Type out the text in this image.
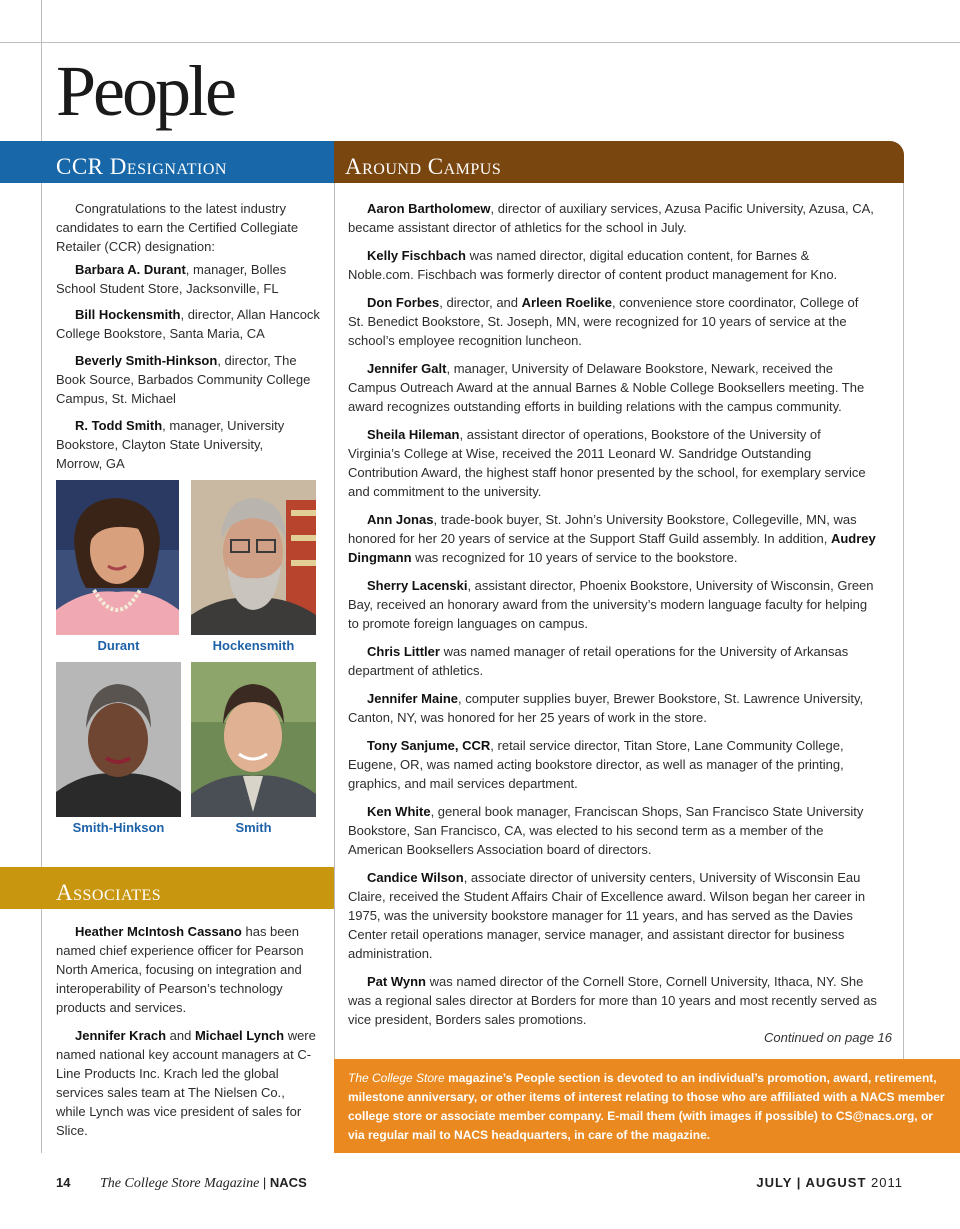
People
CCR Designation	Around Campus
Associates

Congratulations to the latest industry candidates to earn the Certified Collegiate Retailer (CCR) designation:

Barbara A. Durant, manager, Bolles School Student Store, Jacksonville, FL

Bill Hockensmith, director, Allan Hancock College Bookstore, Santa Maria, CA

Beverly Smith-Hinkson, director, The Book Source, Barbados Community College Campus, St. Michael

R. Todd Smith, manager, University Bookstore, Clayton State University, Morrow, GA

Durant	Hockensmith
Smith-Hinkson	Smith

Heather McIntosh Cassano has been named chief experience officer for Pearson North America, focusing on integration and interoperability of Pearson’s technology products and services.

Jennifer Krach and Michael Lynch were named national key account managers at C-Line Products Inc. Krach led the global services sales team at The Nielsen Co., while Lynch was vice president of sales for Slice.

Aaron Bartholomew, director of auxiliary services, Azusa Pacific University, Azusa, CA, became assistant director of athletics for the school in July.

Kelly Fischbach was named director, digital education content, for Barnes & Noble.com. Fischbach was formerly director of content product management for Kno.

Don Forbes, director, and Arleen Roelike, convenience store coordinator, College of St. Benedict Bookstore, St. Joseph, MN, were recognized for 10 years of service at the school’s employee recognition luncheon.

Jennifer Galt, manager, University of Delaware Bookstore, Newark, received the Campus Outreach Award at the annual Barnes & Noble College Booksellers meeting. The award recognizes outstanding efforts in building relations with the campus community.

Sheila Hileman, assistant director of operations, Bookstore of the University of Virginia’s College at Wise, received the 2011 Leonard W. Sandridge Outstanding Contribution Award, the highest staff honor presented by the school, for exemplary service and commitment to the university.

Ann Jonas, trade-book buyer, St. John’s University Bookstore, Collegeville, MN, was honored for her 20 years of service at the Support Staff Guild assembly. In addition, Audrey Dingmann was recognized for 10 years of service to the bookstore.

Sherry Lacenski, assistant director, Phoenix Bookstore, University of Wisconsin, Green Bay, received an honorary award from the university’s modern language faculty for helping to promote foreign languages on campus.

Chris Littler was named manager of retail operations for the University of Arkansas department of athletics.

Jennifer Maine, computer supplies buyer, Brewer Bookstore, St. Lawrence University, Canton, NY, was honored for her 25 years of work in the store.

Tony Sanjume, CCR, retail service director, Titan Store, Lane Community College, Eugene, OR, was named acting bookstore director, as well as manager of the printing, graphics, and mail services department.

Ken White, general book manager, Franciscan Shops, San Francisco State University Bookstore, San Francisco, CA, was elected to his second term as a member of the American Booksellers Association board of directors.

Candice Wilson, associate director of university centers, University of Wisconsin Eau Claire, received the Student Affairs Chair of Excellence award. Wilson began her career in 1975, was the university bookstore manager for 11 years, and has served as the Davies Center retail operations manager, service manager, and assistant director for business administration.

Pat Wynn was named director of the Cornell Store, Cornell University, Ithaca, NY. She was a regional sales director at Borders for more than 10 years and most recently served as vice president, Borders sales promotions.

Continued on page 16
The College Store magazine’s People section is devoted to an individual’s promotion, award, retirement, milestone anniversary, or other items of interest relating to those who are affiliated with a NACS member college store or associate member company. E-mail them (with images if possible) to CS@nacs.org, or via regular mail to NACS headquarters, in care of the magazine.
14 The College Store Magazine | NACS	JULY | AUGUST 2011
